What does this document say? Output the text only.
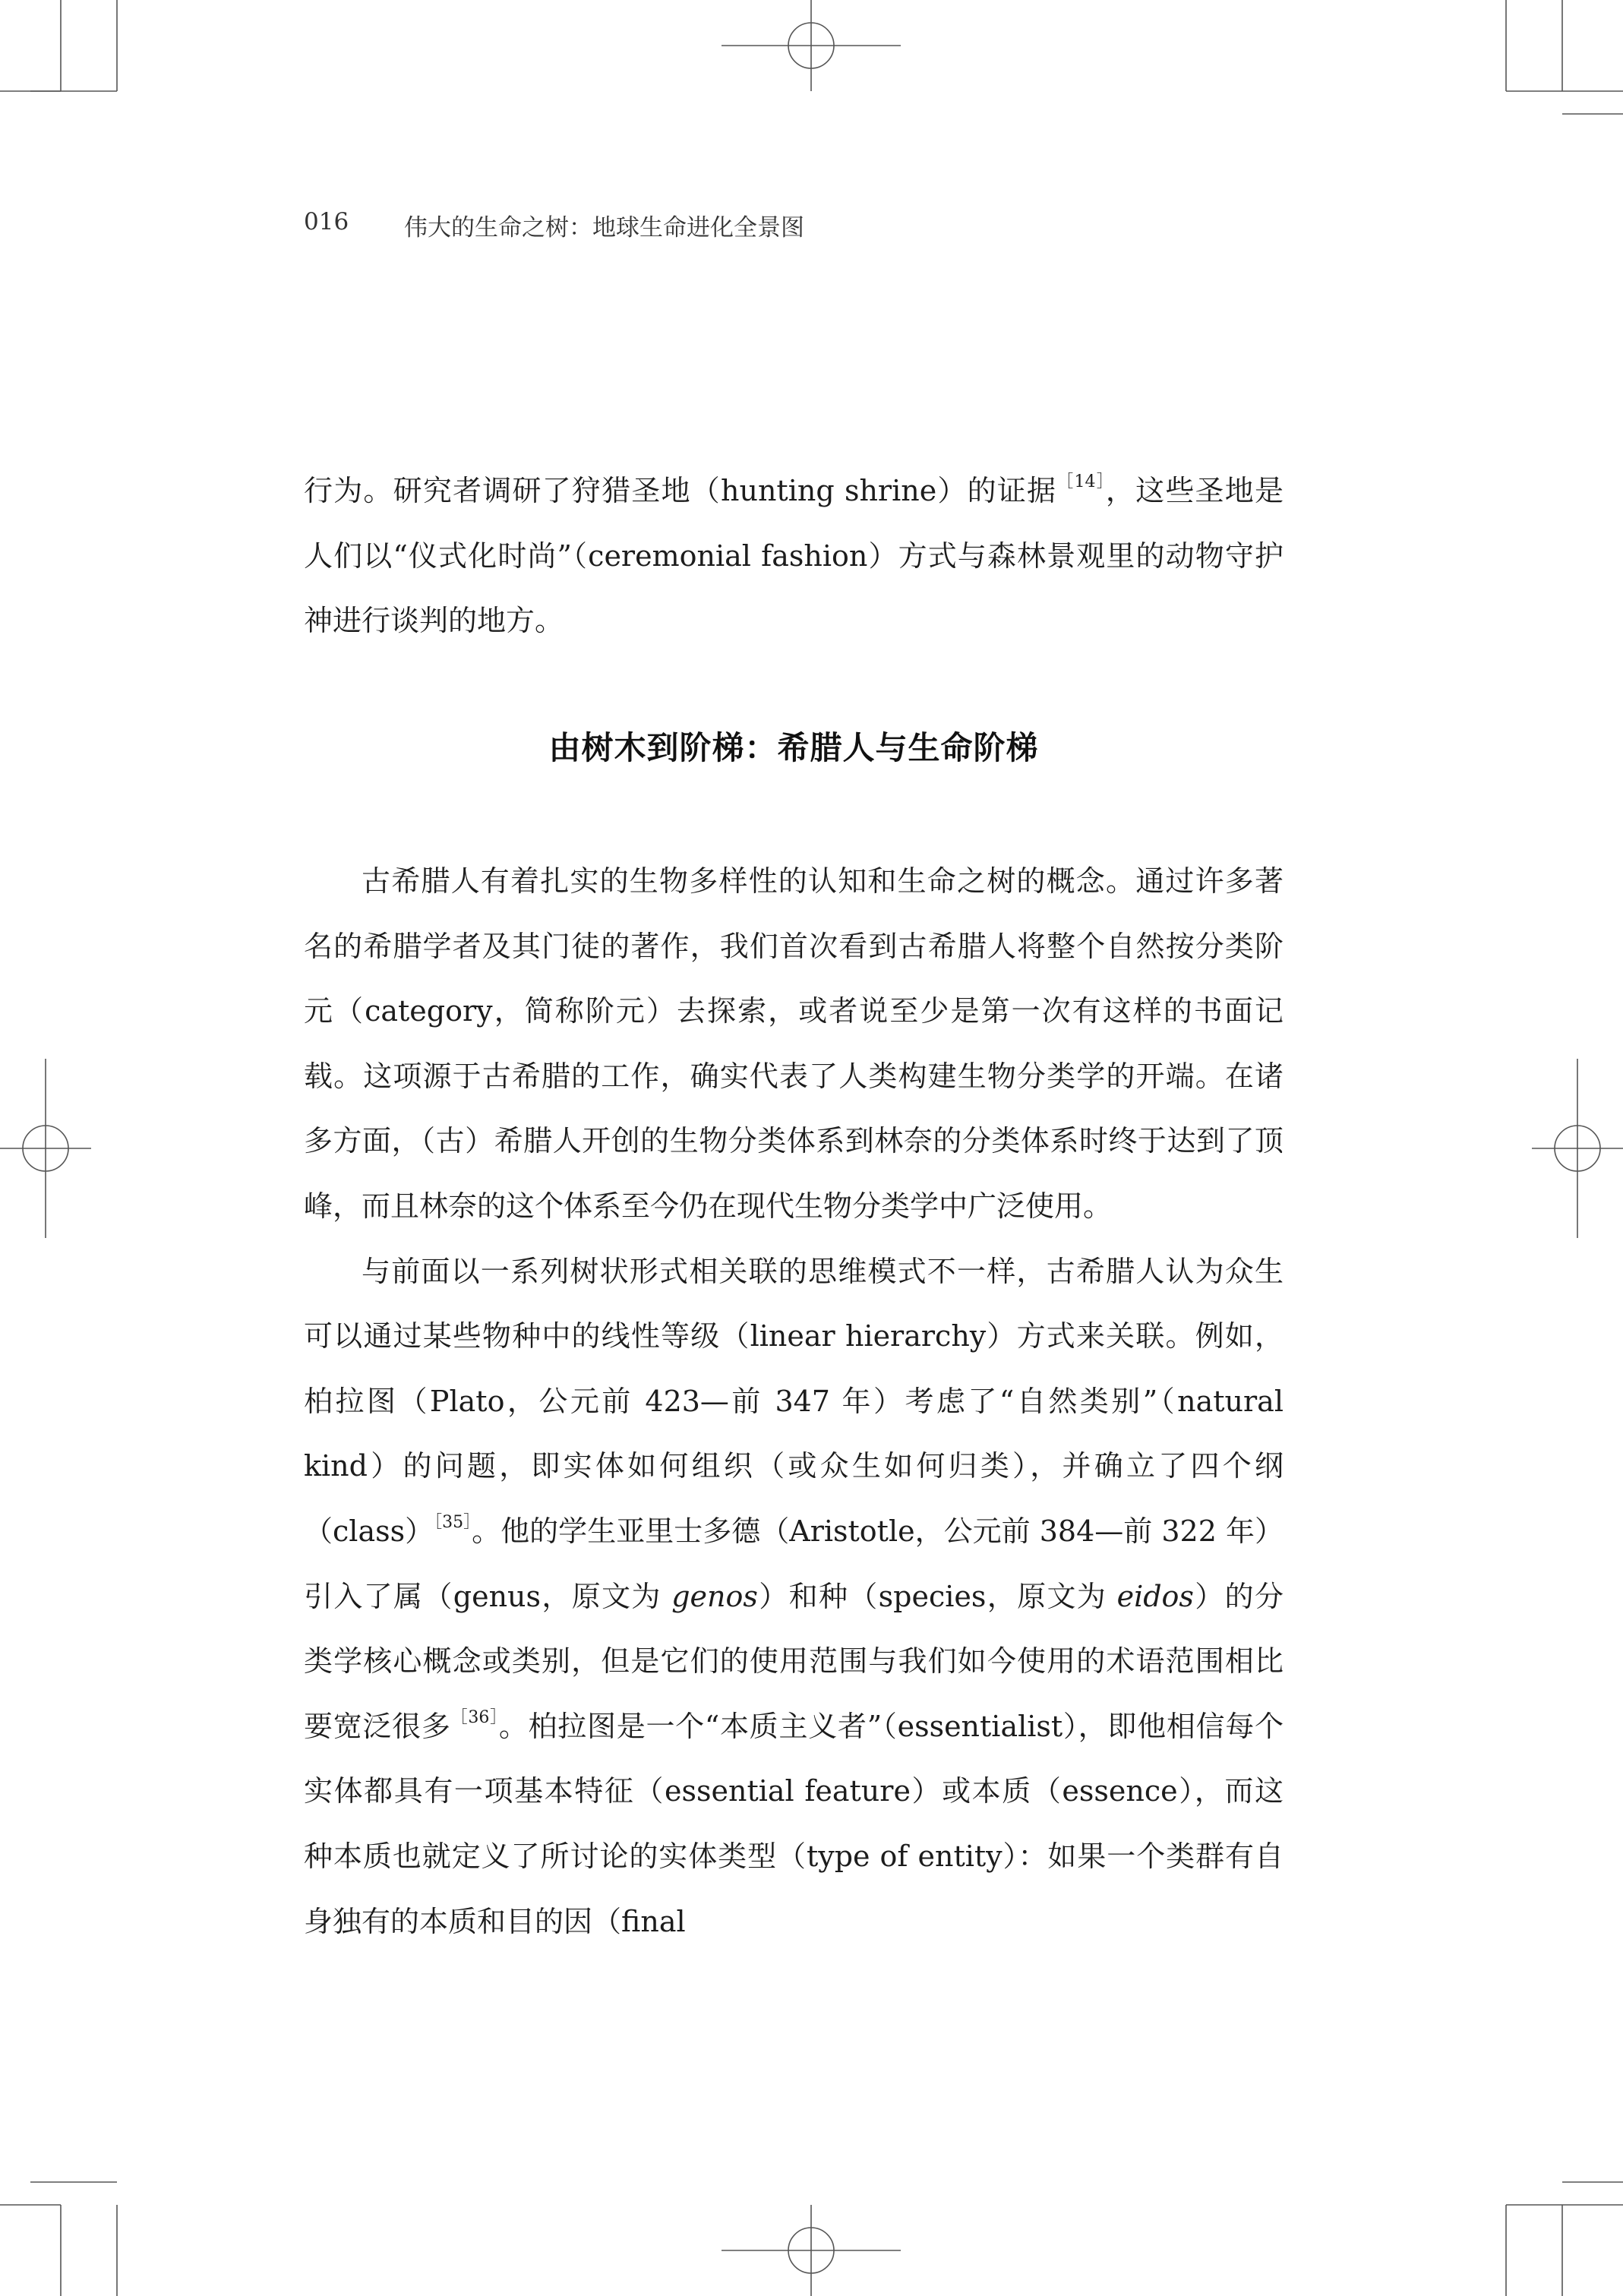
016 伟大的生命之树：地球生命进化全景图

行为。研究者调研了狩猎圣地（hunting shrine）的证据$^{[14]}$，这些圣地是人们以“仪式化时尚”（ceremonial fashion）方式与森林景观里的动物守护神进行谈判的地方。

由树木到阶梯：希腊人与生命阶梯

古希腊人有着扎实的生物多样性的认知和生命之树的概念。通过许多著名的希腊学者及其门徒的著作，我们首次看到古希腊人将整个自然按分类阶元（category，简称阶元）去探索，或者说至少是第一次有这样的书面记载。这项源于古希腊的工作，确实代表了人类构建生物分类学的开端。在诸多方面，（古）希腊人开创的生物分类体系到林奈的分类体系时终于达到了顶峰，而且林奈的这个体系至今仍在现代生物分类学中广泛使用。

与前面以一系列树状形式相关联的思维模式不一样，古希腊人认为众生可以通过某些物种中的线性等级（linear hierarchy）方式来关联。例如，柏拉图（Plato，公元前 423—前 347 年）考虑了“自然类别”（natural kind）的问题，即实体如何组织（或众生如何归类），并确立了四个纲（class）$^{[35]}$。他的学生亚里士多德（Aristotle，公元前 384—前 322 年）引入了属（genus，原文为 genos）和种（species，原文为 eidos）的分类学核心概念或类别，但是它们的使用范围与我们如今使用的术语范围相比要宽泛很多$^{[36]}$。柏拉图是一个“本质主义者”（essentialist），即他相信每个实体都具有一项基本特征（essential feature）或本质（essence），而这种本质也就定义了所讨论的实体类型（type of entity）：如果一个类群有自身独有的本质和目的因（final
